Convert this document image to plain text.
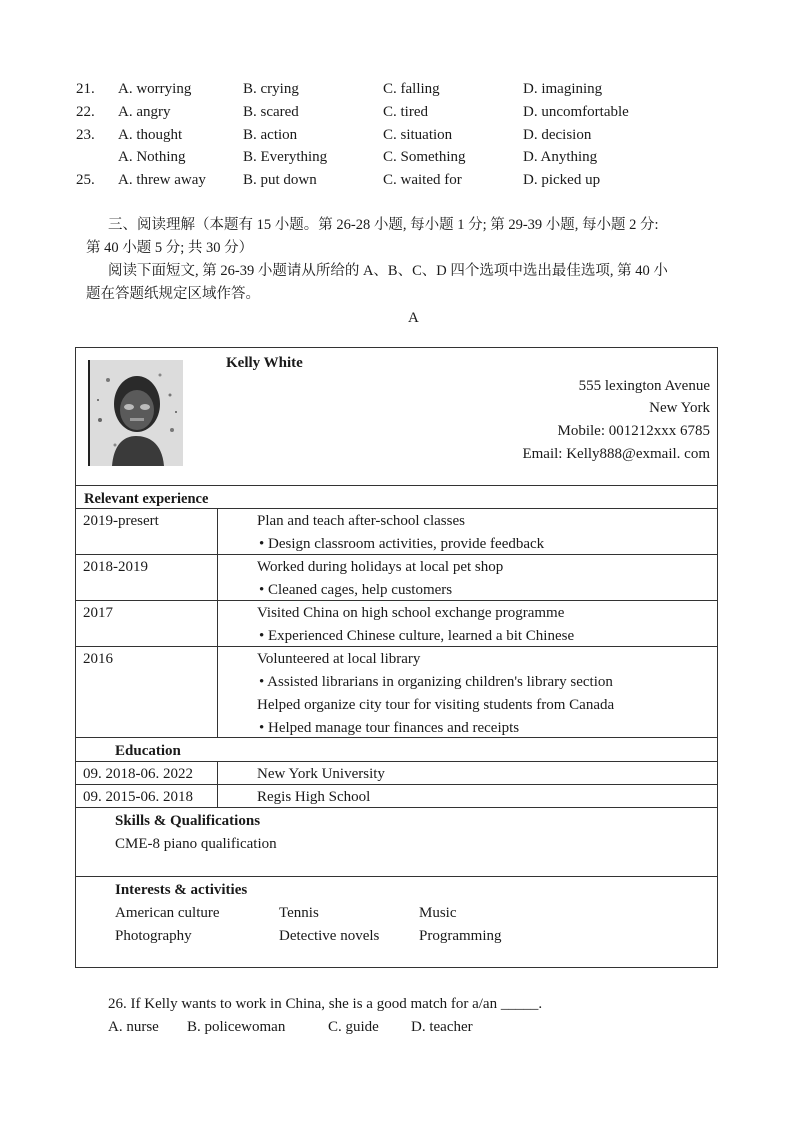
21. A. worrying	B. crying	C. falling	D. imagining
22. A. angry	B. scared	C. tired	D. uncomfortable
23. A. thought	B. action	C. situation	D. decision
A. Nothing	B. Everything	C. Something	D. Anything
25. A. threw away B. put down	C. waited for	D. picked up
三、阅读理解（本题有 15 小题。第 26-28 小题, 每小题 1 分; 第 29-39 小题, 每小题 2 分:
第 40 小题 5 分; 共 30 分）
阅读下面短文, 第 26-39 小题请从所给的 A、B、C、D 四个选项中选出最佳选项, 第 40 小
题在答题纸规定区域作答。
A
Kelly White
555 lexington Avenue
New York
Mobile: 001212xxx 6785
Email: Kelly888@exmail. com
Relevant experience
2019-presert	Plan and teach after-school classes
• Design classroom activities, provide feedback
2018-2019	Worked during holidays at local pet shop
• Cleaned cages, help customers
2017	Visited China on high school exchange programme
• Experienced Chinese culture, learned a bit Chinese
2016	Volunteered at local library
• Assisted librarians in organizing children's library section
Helped organize city tour for visiting students from Canada
• Helped manage tour finances and receipts
Education
09. 2018-06. 2022	New York University
09. 2015-06. 2018	Regis High School
Skills & Qualifications
CME-8 piano qualification
Interests & activities
American culture	Tennis	Music
Photography	Detective novels	Programming
26. If Kelly wants to work in China, she is a good match for a/an _____.
A. nurse B. policewoman	C. guide D. teacher
